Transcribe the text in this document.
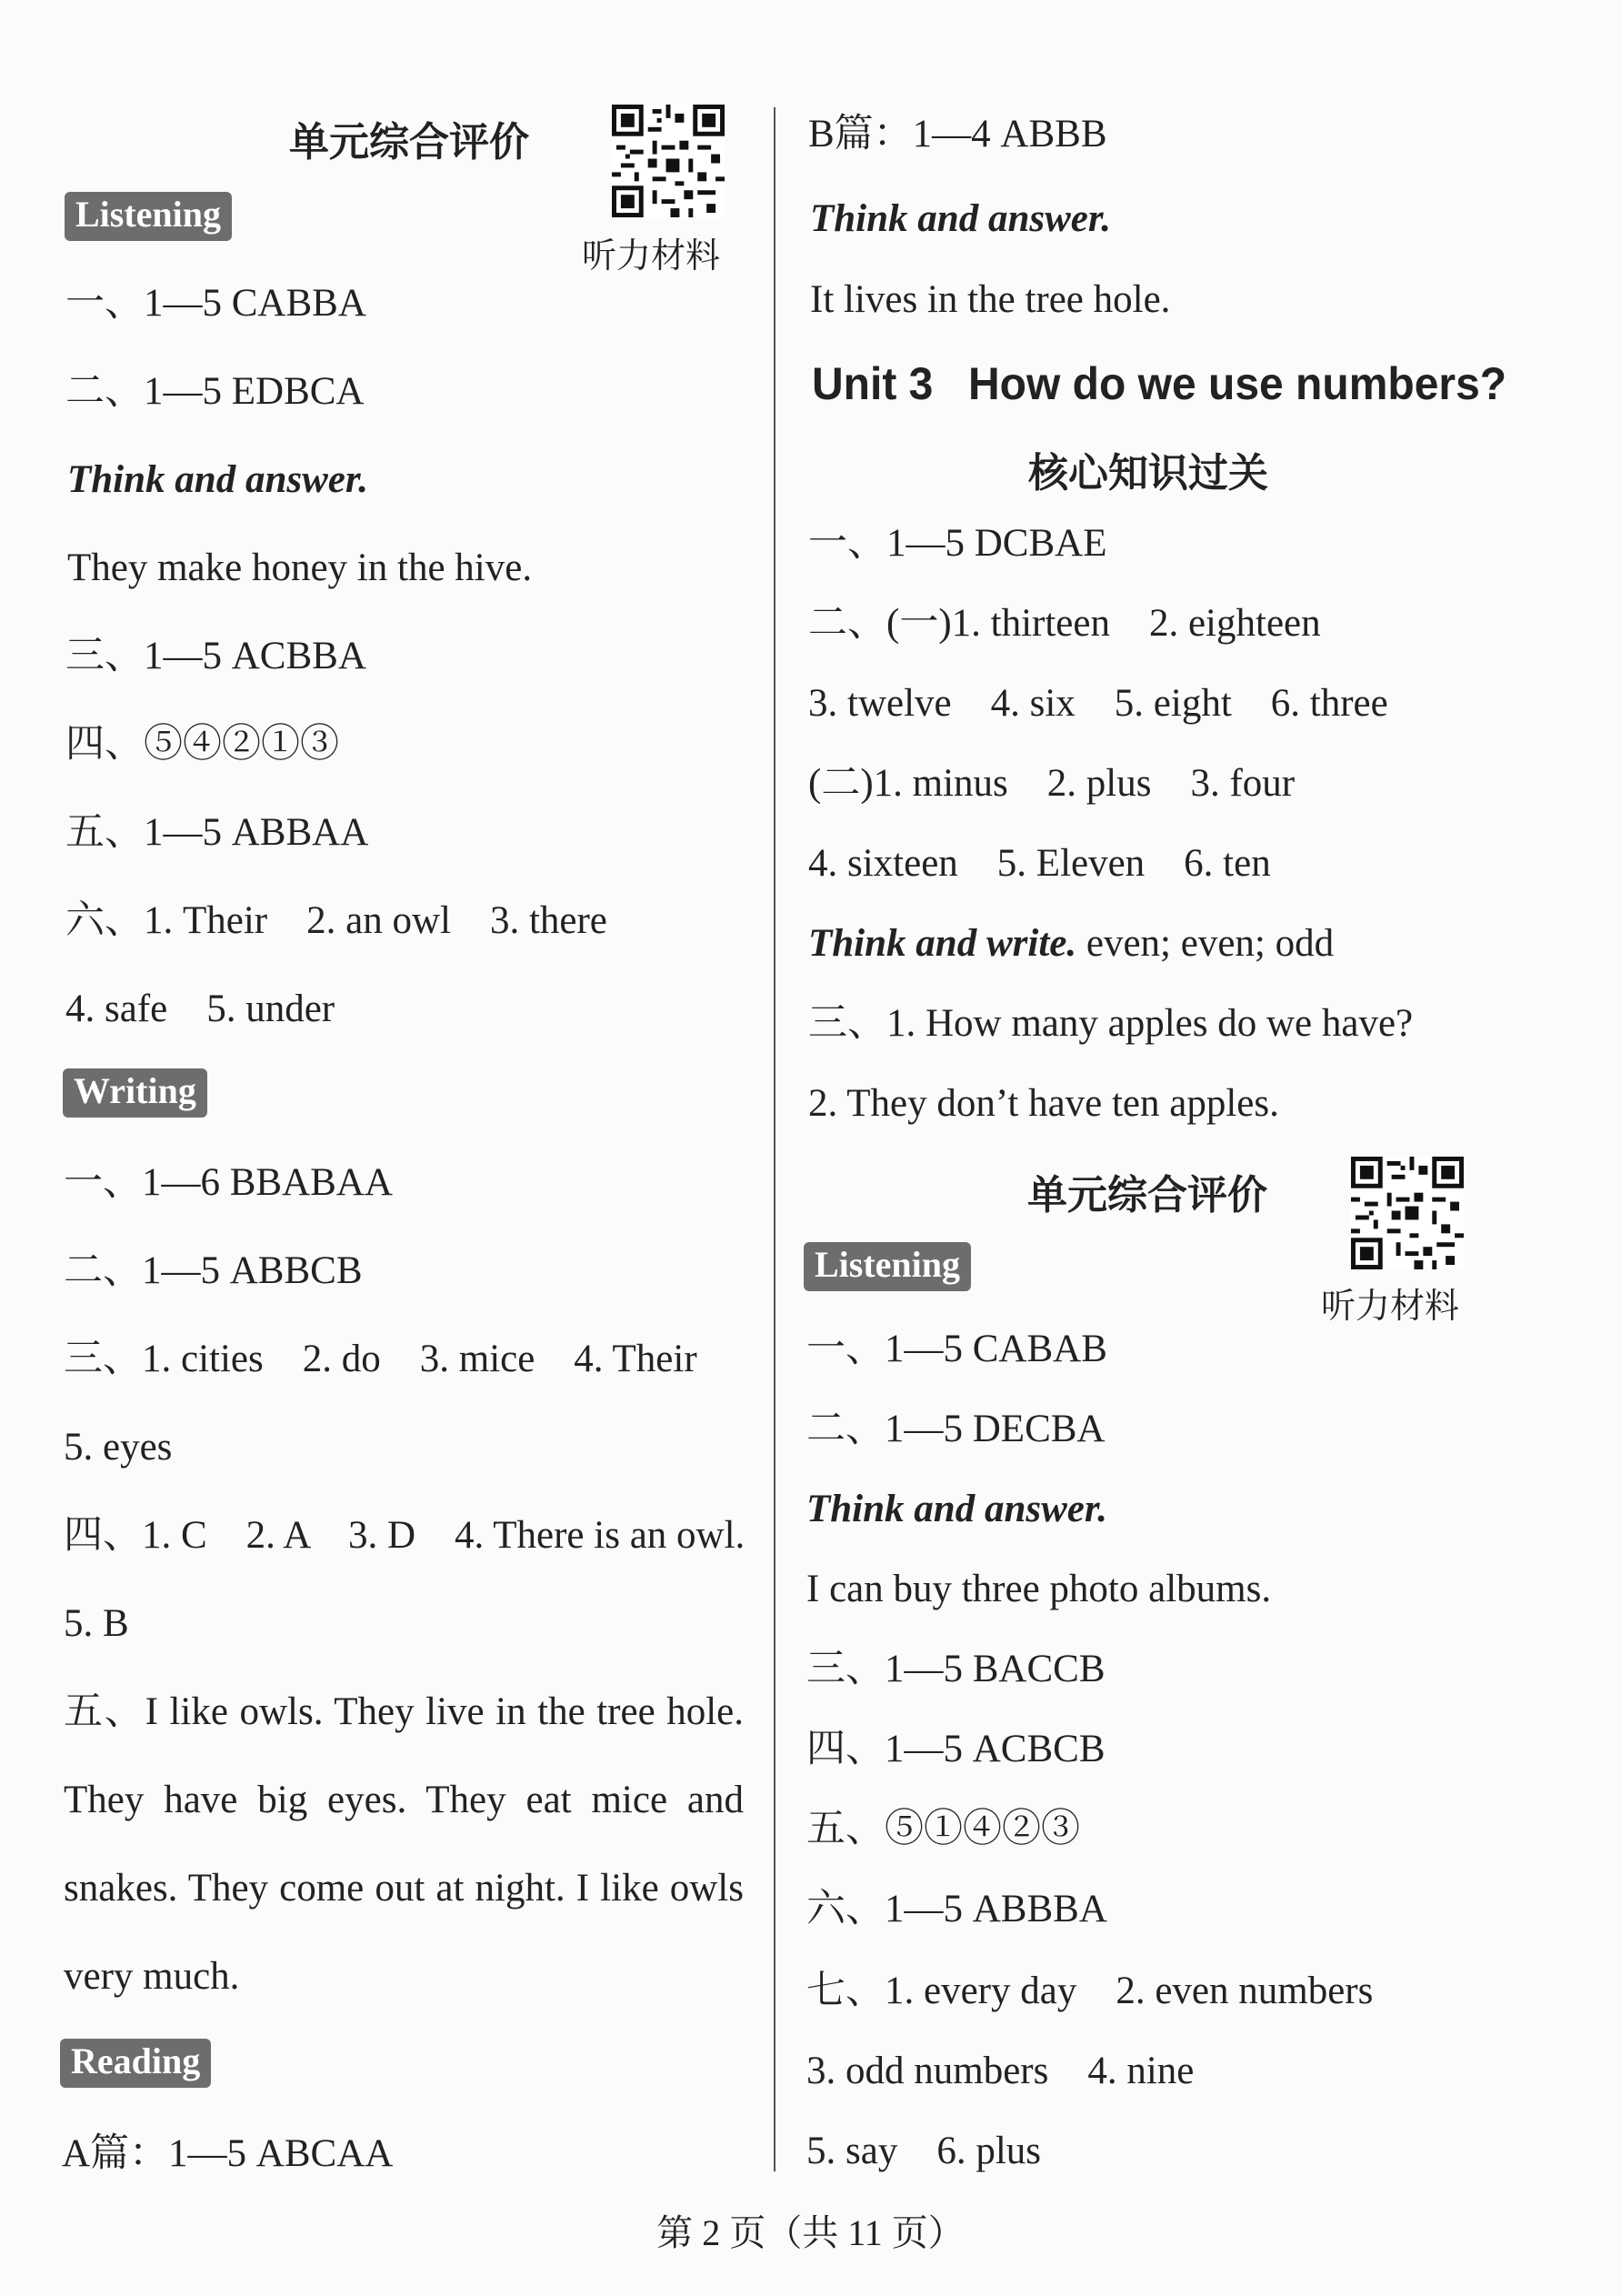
单元综合评价
听力材料
Listening
一、1—5 CABBA
二、1—5 EDBCA
Think and answer.
They make honey in the hive.
三、1—5 ACBBA
四、⑤④②①③
五、1—5 ABBAA
六、1. Their    2. an owl    3. there
4. safe    5. under
Writing
一、1—6 BBABAA
二、1—5 ABBCB
三、1. cities    2. do    3. mice    4. Their
5. eyes
四、1. C    2. A    3. D    4. There is an owl.
5. B
五、I like owls. They live in the tree hole. They have big eyes. They eat mice and snakes. They come out at night. I like owls very much.
Reading
A篇：1—5 ABCAA
B篇：1—4 ABBB
Think and answer.
It lives in the tree hole.
Unit 3 How do we use numbers?
核心知识过关
一、1—5 DCBAE
二、(一)1. thirteen    2. eighteen
3. twelve    4. six    5. eight    6. three
(二)1. minus    2. plus    3. four
4. sixteen    5. Eleven    6. ten
Think and write. even; even; odd
三、1. How many apples do we have?
2. They don’t have ten apples.
单元综合评价
听力材料
Listening
一、1—5 CABAB
二、1—5 DECBA
Think and answer.
I can buy three photo albums.
三、1—5 BACCB
四、1—5 ACBCB
五、⑤①④②③
六、1—5 ABBBA
七、1. every day    2. even numbers
3. odd numbers    4. nine
5. say    6. plus
第 2 页（共 11 页）
